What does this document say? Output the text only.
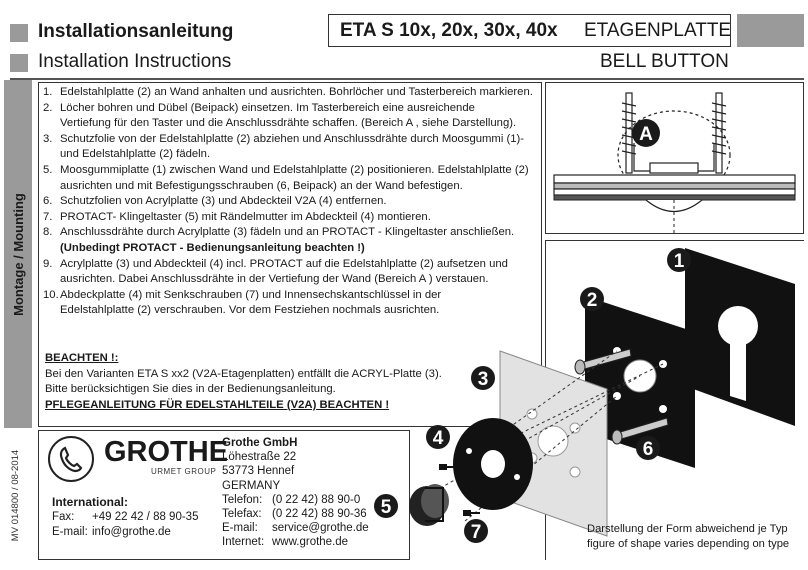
Installationsanleitung
Installation Instructions
ETA S 10x, 20x, 30x, 40x ETAGENPLATTE
BELL BUTTON
Montage / Mounting
MV 014800 / 08-2014
1. Edelstahlplatte (2) an Wand anhalten und ausrichten. Bohrlöcher und Tasterbereich markieren.
2. Löcher bohren und Dübel (Beipack) einsetzen. Im Tasterbereich eine ausreichende
Vertiefung für den Taster und die Anschlussdrähte schaffen. (Bereich A , siehe Darstellung).
3. Schutzfolie von der Edelstahlplatte (2) abziehen und Anschlussdrähte durch Moosgummi (1)-
und Edelstahlplatte (2) fädeln.
5. Moosgummiplatte (1) zwischen Wand und Edelstahlplatte (2) positionieren. Edelstahlplatte (2)
ausrichten und mit Befestigungsschrauben (6, Beipack) an der Wand befestigen.
6. Schutzfolien von Acrylplatte (3) und Abdeckteil V2A (4) entfernen.
7. PROTACT- Klingeltaster (5) mit Rändelmutter im Abdeckteil (4) montieren.
8. Anschlussdrähte durch Acrylplatte (3) fädeln und an PROTACT - Klingeltaster anschließen.
(Unbedingt PROTACT - Bedienungsanleitung beachten !)
9. Acrylplatte (3) und Abdeckteil (4) incl. PROTACT auf die Edelstahlplatte (2) aufsetzen und
ausrichten. Dabei Anschlussdrähte in der Vertiefung der Wand (Bereich A ) verstauen.
10. Abdeckplatte (4) mit Senkschrauben (7) und Innensechskantschlüssel in der
Edelstahlplatte (2) verschrauben. Vor dem Festziehen nochmals ausrichten.
BEACHTEN !:
Bei den Varianten ETA S xx2 (V2A-Etagenplatten) entfällt die ACRYL-Platte (3).
Bitte berücksichtigen Sie dies in der Bedienungsanleitung.
PFLEGEANLEITUNG FÜR EDELSTAHLTEILE (V2A) BEACHTEN !
GROTHE
URMET GROUP
International:
Fax:	+49 22 42 / 88 90-35
E-mail: info@grothe.de
Grothe GmbH
Löhestraße 22
53773 Hennef
GERMANY
Telefon: (0 22 42) 88 90-0
Telefax: (0 22 42) 88 90-36
E-mail:	service@grothe.de
Internet: www.grothe.de
A
1
2
3
4
5
6
7	Darstellung der Form abweichend je Typ
figure of shape varies depending on type
